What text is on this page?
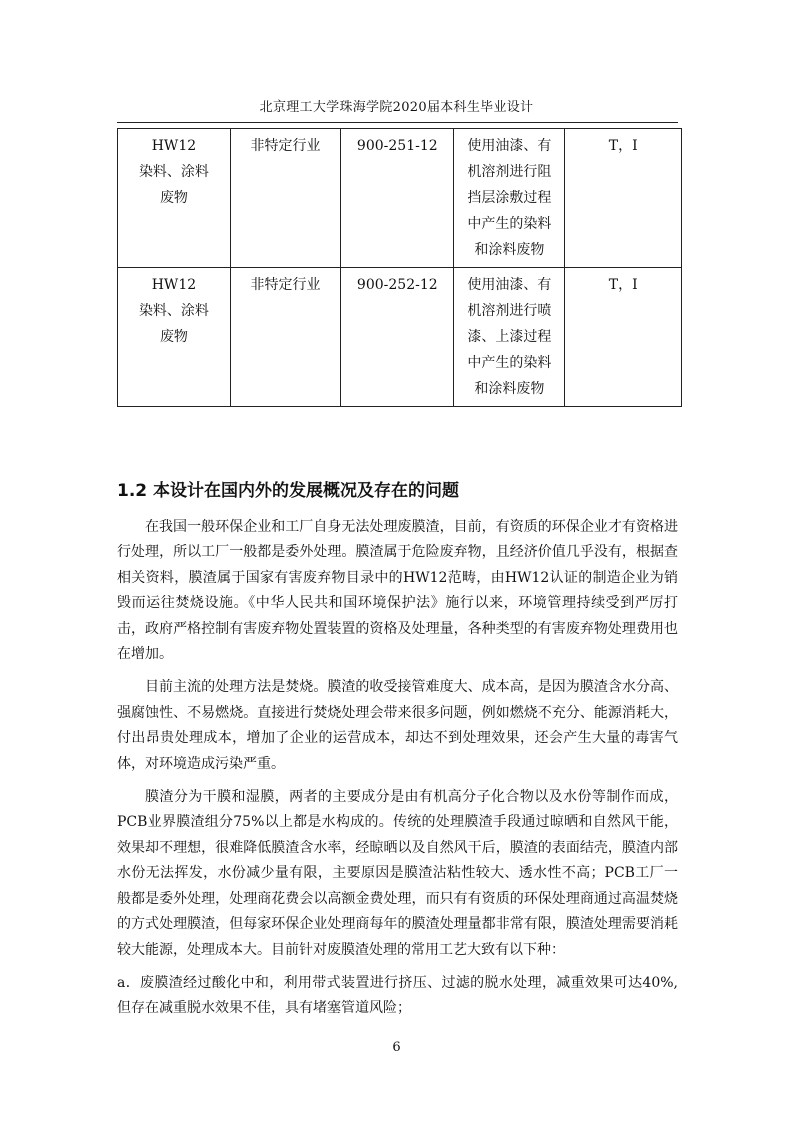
北京理工大学珠海学院2020届本科生毕业设计
HW12
染料、涂料
废物	非特定行业	900-251-12	使用油漆、有
机溶剂进行阻
挡层涂敷过程
中产生的染料
和涂料废物	T，I
HW12
染料、涂料
废物	非特定行业	900-252-12	使用油漆、有
机溶剂进行喷
漆、上漆过程
中产生的染料
和涂料废物	T，I
1.2 本设计在国内外的发展概况及存在的问题

在我国一般环保企业和工厂自身无法处理废膜渣，目前，有资质的环保企业才有资格进行处理，所以工厂一般都是委外处理。膜渣属于危险废弃物，且经济价值几乎没有，根据查相关资料，膜渣属于国家有害废弃物目录中的HW12范畴，由HW12认证的制造企业为销毁而运往焚烧设施。《中华人民共和国环境保护法》施行以来，环境管理持续受到严厉打击，政府严格控制有害废弃物处置装置的资格及处理量，各种类型的有害废弃物处理费用也在增加。

目前主流的处理方法是焚烧。膜渣的收受接管难度大、成本高，是因为膜渣含水分高、强腐蚀性、不易燃烧。直接进行焚烧处理会带来很多问题，例如燃烧不充分、能源消耗大，付出昂贵处理成本，增加了企业的运营成本，却达不到处理效果，还会产生大量的毒害气体，对环境造成污染严重。

膜渣分为干膜和湿膜，两者的主要成分是由有机高分子化合物以及水份等制作而成，PCB业界膜渣组分75%以上都是水构成的。传统的处理膜渣手段通过晾晒和自然风干能，效果却不理想，很难降低膜渣含水率，经晾晒以及自然风干后，膜渣的表面结壳，膜渣内部水份无法挥发，水份减少量有限，主要原因是膜渣沾粘性较大、透水性不高；PCB工厂一般都是委外处理，处理商花费会以高额金费处理，而只有有资质的环保处理商通过高温焚烧的方式处理膜渣，但每家环保企业处理商每年的膜渣处理量都非常有限，膜渣处理需要消耗较大能源，处理成本大。目前针对废膜渣处理的常用工艺大致有以下种：

a．废膜渣经过酸化中和，利用带式装置进行挤压、过滤的脱水处理，减重效果可达40%,但存在减重脱水效果不佳，具有堵塞管道风险；

6
